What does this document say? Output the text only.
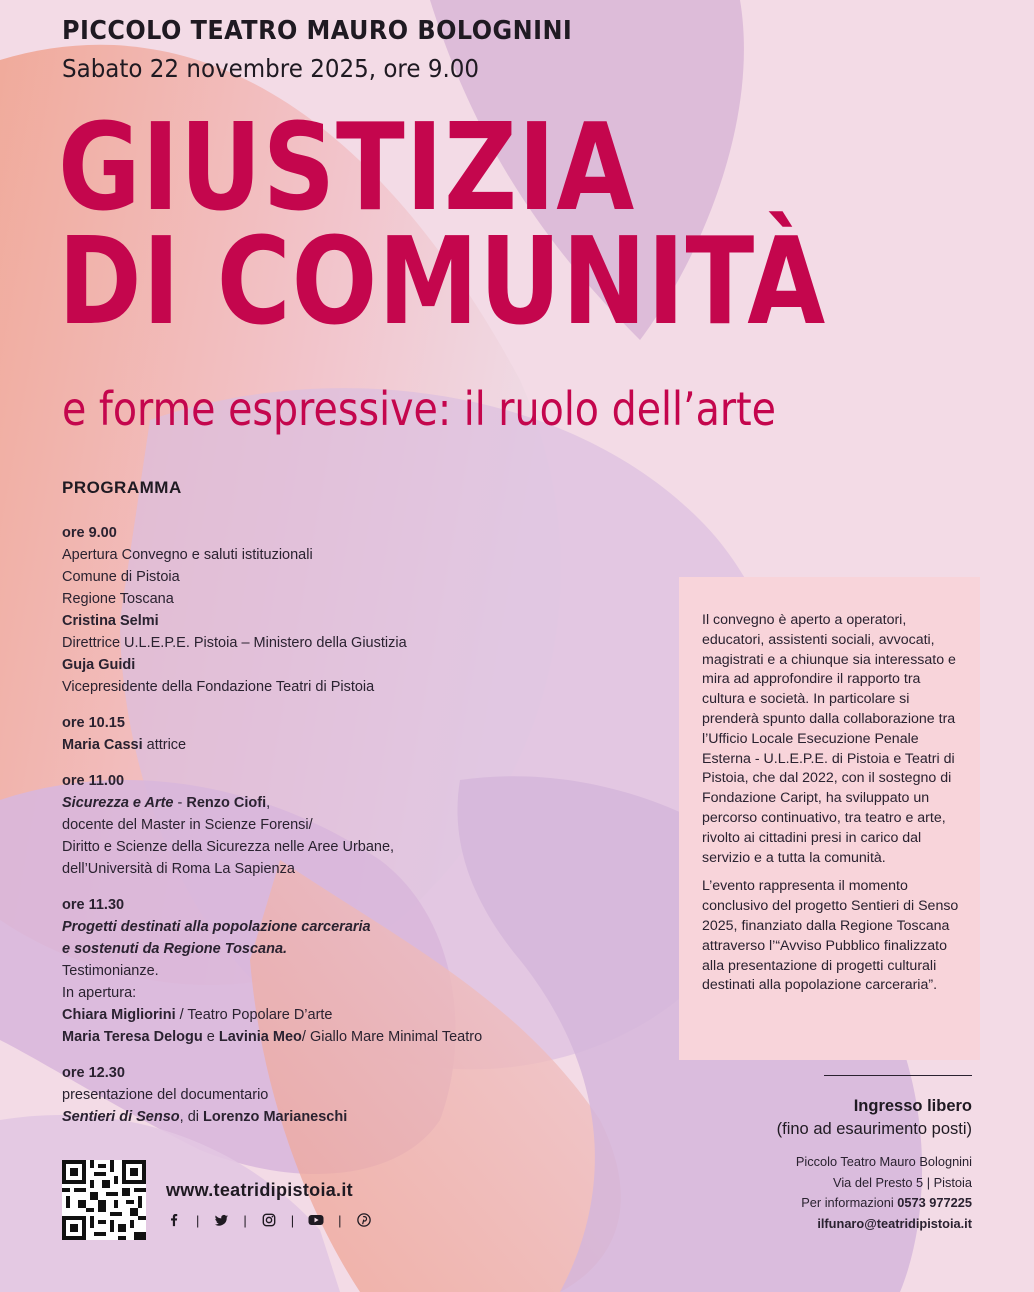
PICCOLO TEATRO MAURO BOLOGNINI
Sabato 22 novembre 2025, ore 9.00
GIUSTIZIA
DI COMUNITÀ
e forme espressive: il ruolo dell’arte
PROGRAMMA
ore 9.00
Apertura Convegno e saluti istituzionali
Comune di Pistoia
Regione Toscana
Cristina Selmi
Direttrice U.L.E.P.E. Pistoia – Ministero della Giustizia
Guja Guidi
Vicepresidente della Fondazione Teatri di Pistoia
ore 10.15
Maria Cassi attrice
ore 11.00
Sicurezza e Arte - Renzo Ciofi,
docente del Master in Scienze Forensi/
Diritto e Scienze della Sicurezza nelle Aree Urbane,
dell’Università di Roma La Sapienza
ore 11.30
Progetti destinati alla popolazione carceraria
e sostenuti da Regione Toscana.
Testimonianze.
In apertura:
Chiara Migliorini / Teatro Popolare D’arte
Maria Teresa Delogu e Lavinia Meo/ Giallo Mare Minimal Teatro
ore 12.30
presentazione del documentario
Sentieri di Senso, di Lorenzo Marianeschi

Il convegno è aperto a operatori, educatori, assistenti sociali, avvocati, magistrati e a chiunque sia interessato e mira ad approfondire il rapporto tra cultura e società. In particolare si prenderà spunto dalla collaborazione tra l’Ufficio Locale Esecuzione Penale Esterna - U.L.E.P.E. di Pistoia e Teatri di Pistoia, che dal 2022, con il sostegno di Fondazione Caript, ha sviluppato un percorso continuativo, tra teatro e arte, rivolto ai cittadini presi in carico dal servizio e a tutta la comunità.

L’evento rappresenta il momento conclusivo del progetto Sentieri di Senso 2025, finanziato dalla Regione Toscana attraverso l’“Avviso Pubblico finalizzato alla presentazione di progetti culturali destinati alla popolazione carceraria”.

Ingresso libero
(fino ad esaurimento posti)
Piccolo Teatro Mauro Bolognini
Via del Presto 5 | Pistoia
Per informazioni 0573 977225
ilfunaro@teatridipistoia.it
www.teatridipistoia.it
|	|	|	|
